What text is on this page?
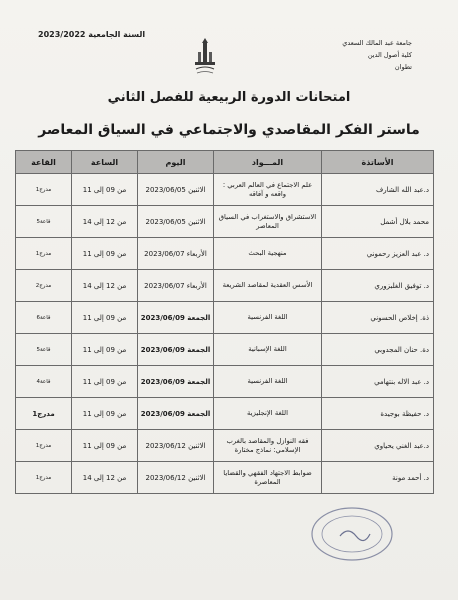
السنة الجامعية 2023/2022
جامعة عبد المالك السعدي
كلية أصول الدين
تطوان
امتحانات الدورة الربيعية للفصل الثاني
ماستر الفكر المقاصدي والاجتماعي في السياق المعاصر
الأساتذة	المـــواد	اليوم	الساعة	القاعة
د.عبد الله الشارف	علم الاجتماع في العالم العربي : واقعه و آفاقه	الاثنين 2023/06/05	من 09 إلى 11	مدرج1
محمد بلال أشمل	الاستشراق والاستغراب في السياق المعاصر	الاثنين 2023/06/05	من 12 إلى 14	قاعة5
د. عبد العزيز رحموني	منهجية البحث	الأربعاء 2023/06/07	من 09 إلى 11	مدرج1
د. توفيق الغلبزوري	الأسس العقدية لمقاصد الشريعة	الأربعاء 2023/06/07	من 12 إلى 14	مدرج2
ذة. إخلاص الحسوني	اللغة الفرنسية	الجمعة 2023/06/09	من 09 إلى 11	قاعة6
دة. حنان المجدوبي	اللغة الإسبانية	الجمعة 2023/06/09	من 09 إلى 11	قاعة5
د. عبد الاله بنتهامي	اللغة الفرنسية	الجمعة 2023/06/09	من 09 إلى 11	قاعة4
د. حفيظة بوجيدة	اللغة الإنجليزية	الجمعة 2023/06/09	من 09 إلى 11	مدرج1
د.عبد الغني يحياوي	فقه النوازل والمقاصد بالغرب الإسلامي: نماذج مختارة	الاثنين 2023/06/12	من 09 إلى 11	مدرج1
د. أحمد مونة	ضوابط الاجتهاد الفقهي والقضايا المعاصرة	الاثنين 2023/06/12	من 12 إلى 14	مدرج1
